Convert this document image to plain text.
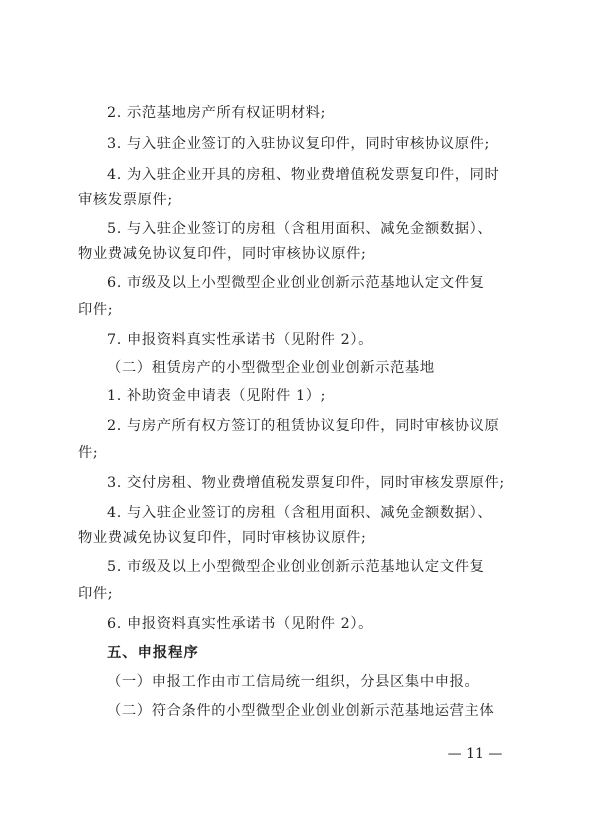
2. 示范基地房产所有权证明材料;
3. 与入驻企业签订的入驻协议复印件，同时审核协议原件;
4. 为入驻企业开具的房租、物业费增值税发票复印件，同时
审核发票原件;
5. 与入驻企业签订的房租（含租用面积、减免金额数据）、
物业费减免协议复印件，同时审核协议原件;
6. 市级及以上小型微型企业创业创新示范基地认定文件复
印件;
7. 申报资料真实性承诺书（见附件 2）。
（二）租赁房产的小型微型企业创业创新示范基地
1. 补助资金申请表（见附件 1）;
2. 与房产所有权方签订的租赁协议复印件，同时审核协议原
件;
3. 交付房租、物业费增值税发票复印件，同时审核发票原件;
4. 与入驻企业签订的房租（含租用面积、减免金额数据）、
物业费减免协议复印件，同时审核协议原件;
5. 市级及以上小型微型企业创业创新示范基地认定文件复
印件;
6. 申报资料真实性承诺书（见附件 2）。
五、申报程序
（一）申报工作由市工信局统一组织，分县区集中申报。
（二）符合条件的小型微型企业创业创新示范基地运营主体
— 11 —
